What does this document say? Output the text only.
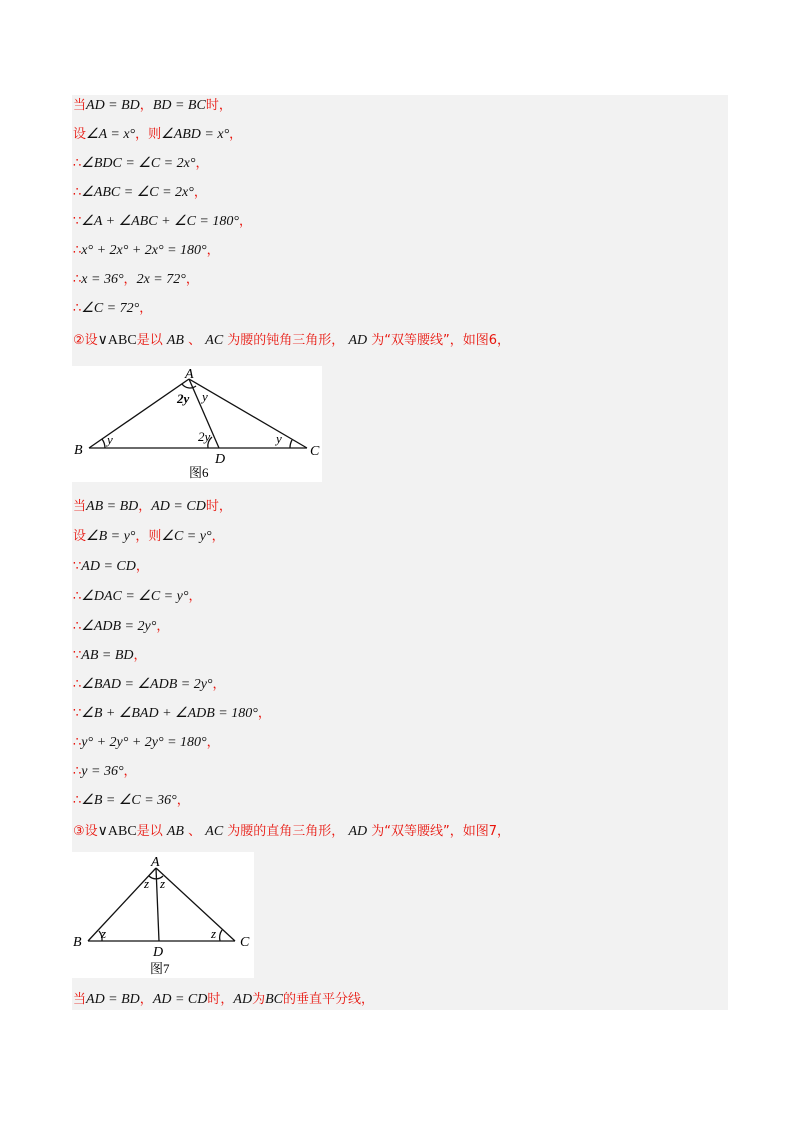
当AD = BD，BD = BC时，
设∠A = x°，则∠ABD = x°，
∴∠BDC = ∠C = 2x°，
∴∠ABC = ∠C = 2x°，
∵∠A + ∠ABC + ∠C = 180°，
∴x° + 2x° + 2x° = 180°，
∴x = 36°，2x = 72°，
∴∠C = 72°，
②设∨ABC是以 AB 、 AC 为腰的钝角三角形， AD 为“双等腰线”，如图6，
A
B	C
D
2y y
2y
y	y
图6
当AB = BD，AD = CD时，
设∠B = y°，则∠C = y°，
∵AD = CD，
∴∠DAC = ∠C = y°，
∴∠ADB = 2y°，
∵AB = BD，
∴∠BAD = ∠ADB = 2y°，
∵∠B + ∠BAD + ∠ADB = 180°，
∴y° + 2y° + 2y° = 180°，
∴y = 36°，
∴∠B = ∠C = 36°，
③设∨ABC是以 AB 、 AC 为腰的直角三角形， AD 为“双等腰线”，如图7，
A
B	C
D
z z
z	z
图7
当AD = BD，AD = CD时，AD为BC的垂直平分线，
